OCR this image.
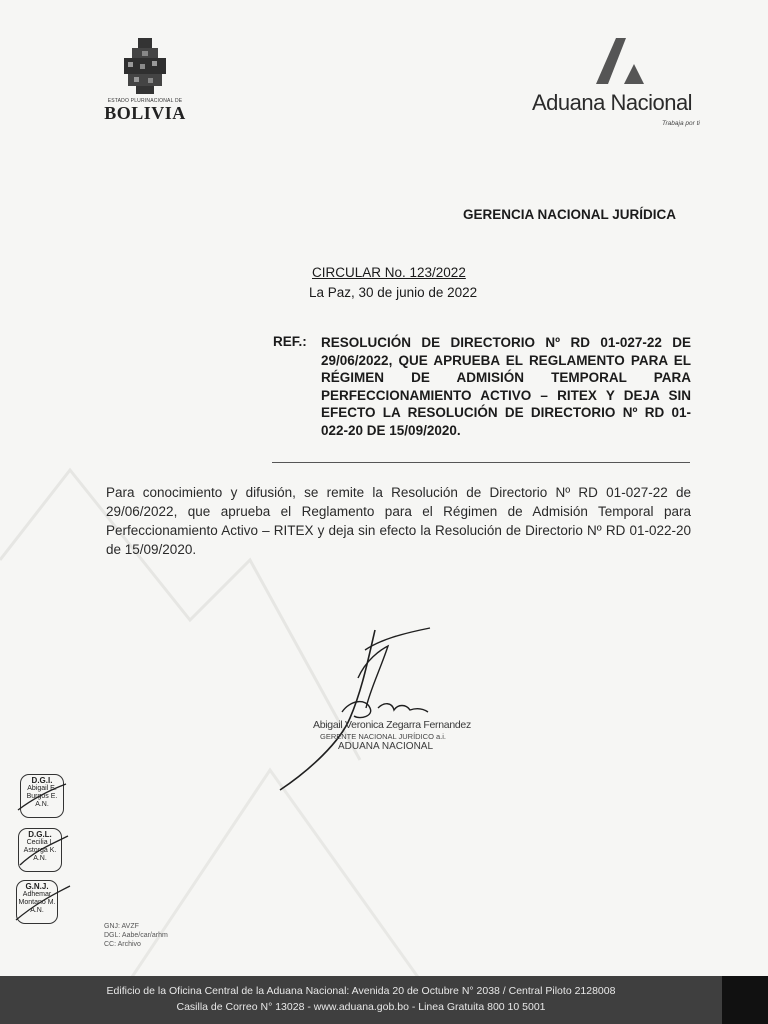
ESTADO PLURINACIONAL DE
BOLIVIA	Aduana Nacional
Trabaja por ti
GERENCIA NACIONAL JURÍDICA
CIRCULAR No. 123/2022
La Paz, 30 de junio de 2022
REF.: RESOLUCIÓN DE DIRECTORIO Nº RD 01-027-22 DE 29/06/2022, QUE APRUEBA EL REGLAMENTO PARA EL RÉGIMEN DE ADMISIÓN TEMPORAL PARA PERFECCIONAMIENTO ACTIVO – RITEX Y DEJA SIN EFECTO LA RESOLUCIÓN DE DIRECTORIO Nº RD 01-022-20 DE 15/09/2020.
Para conocimiento y difusión, se remite la Resolución de Directorio Nº RD 01-027-22 de 29/06/2022, que aprueba el Reglamento para el Régimen de Admisión Temporal para Perfeccionamiento Activo – RITEX y deja sin efecto la Resolución de Directorio Nº RD 01-022-20 de 15/09/2020.
Abigail Veronica Zegarra Fernandez
GERENTE NACIONAL JURÍDICO a.i.
ADUANA NACIONAL
D.G.I.
Abigail E.
Burgos E.
A.N.
D.G.L.
Cecilia I.
Astorga K.
A.N.
G.N.J.
Adhemar
Montano M.
A.N.
GNJ: AVZF
DGL: Aabe/car/arhm
CC: Archivo
Edificio de la Oficina Central de la Aduana Nacional: Avenida 20 de Octubre N° 2038 / Central Piloto 2128008
Casilla de Correo N° 13028 - www.aduana.gob.bo - Linea Gratuita 800 10 5001
